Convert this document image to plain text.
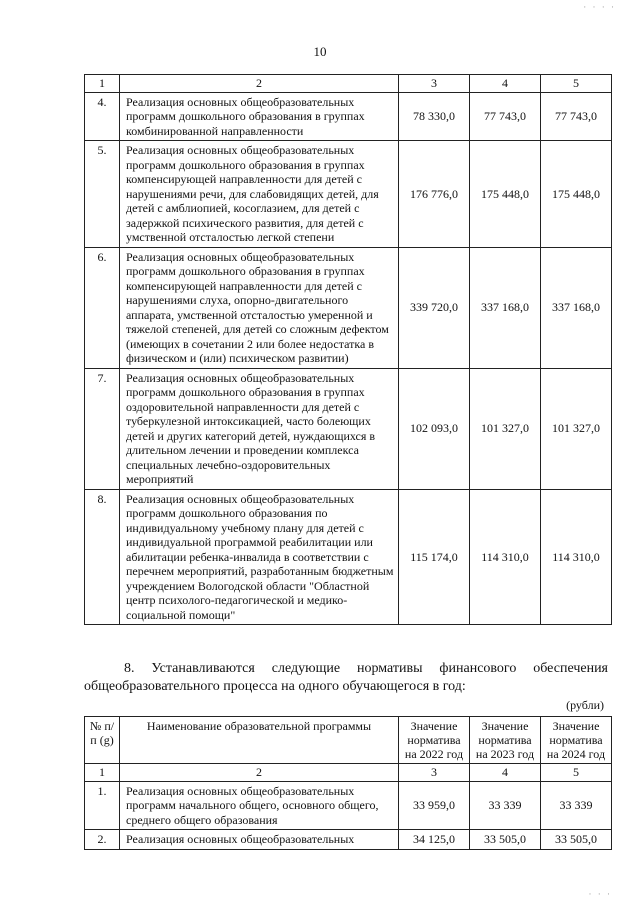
· · · ·
10
1	2	3	4	5
4.	Реализация основных общеобразовательных программ дошкольного образования в группах комбинированной направленности	78 330,0	77 743,0	77 743,0
5.	Реализация основных общеобразовательных программ дошкольного образования в группах компенсирующей направленности для детей с нарушениями речи, для слабовидящих детей, для детей с амблиопией, косоглазием, для детей с задержкой психического развития, для детей с умственной отсталостью легкой степени	176 776,0	175 448,0	175 448,0
6.	Реализация основных общеобразовательных программ дошкольного образования в группах компенсирующей направленности для детей с нарушениями слуха, опорно-двигательного аппарата, умственной отсталостью умеренной и тяжелой степеней, для детей со сложным дефектом (имеющих в сочетании 2 или более недостатка в физическом и (или) психическом развитии)	339 720,0	337 168,0	337 168,0
7.	Реализация основных общеобразовательных программ дошкольного образования в группах оздоровительной направленности для детей с туберкулезной интоксикацией, часто болеющих детей и других категорий детей, нуждающихся в длительном лечении и проведении комплекса специальных лечебно-оздоровительных мероприятий	102 093,0	101 327,0	101 327,0
8.	Реализация основных общеобразовательных программ дошкольного образования по индивидуальному учебному плану для детей с индивидуальной программой реабилитации или абилитации ребенка-инвалида в соответствии с перечнем мероприятий, разработанным бюджетным учреждением Вологодской области "Областной центр психолого-педагогической и медико-социальной помощи"	115 174,0	114 310,0	114 310,0
8. Устанавливаются следующие нормативы финансового обеспечения общеобразовательного процесса на одного обучающегося в год:
(рубли)
№ п/п (g)	Наименование образовательной программы	Значение норматива на 2022 год	Значение норматива на 2023 год	Значение норматива на 2024 год
1	2	3	4	5
1.	Реализация основных общеобразовательных программ начального общего, основного общего, среднего общего образования	33 959,0	33 339	33 339
2.	Реализация основных общеобразовательных	34 125,0	33 505,0	33 505,0
· · ·
